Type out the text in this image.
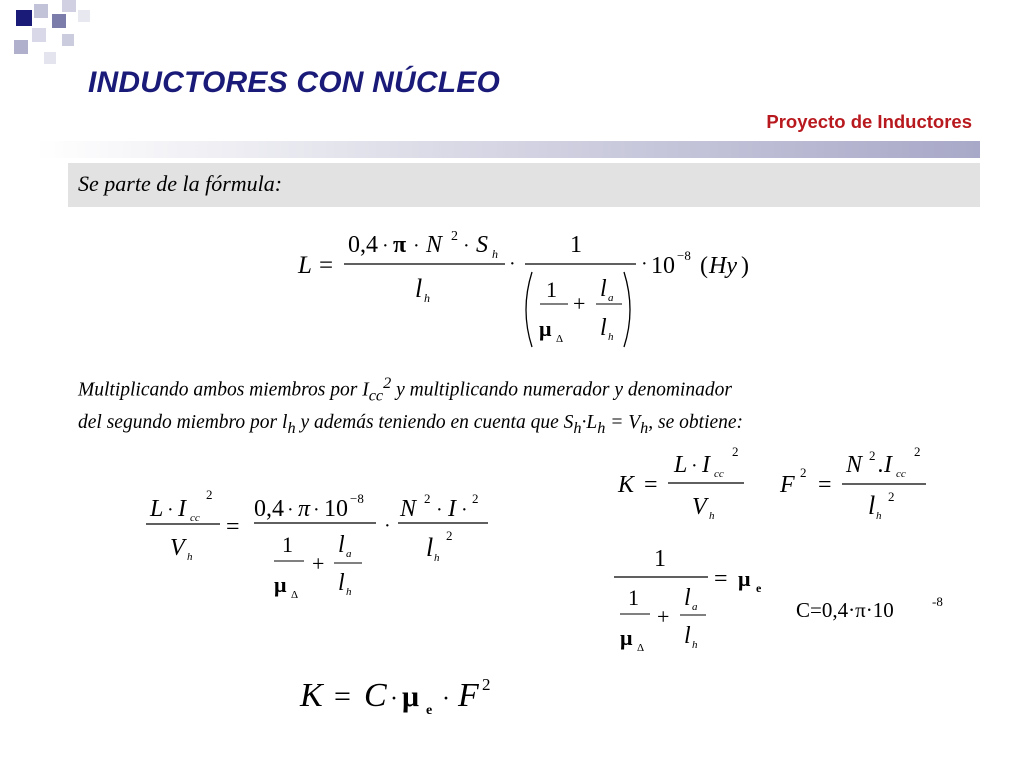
INDUCTORES CON NÚCLEO
Proyecto de Inductores
Se parte de la fórmula:
L =
0,4 · π · N 2 · S h
l h
·
1
1
μ Δ
+
l a
l h
· 10 −8 ( Hy )

Multiplicando ambos miembros por $I_{cc}^2$ y multiplicando numerador y denominador

del segundo miembro por $l_h$ y además teniendo en cuenta que $S_h\cdot L_h = V_h$, se obtiene:

L · I cc
2
V h
=
0,4 · π · 10 −8
1
μ Δ
+
l a
l h
·
N 2
· I ·
2
l h
2
K =
L · I cc
2
V h
F 2 =
N 2 .I cc
2
l h
2
1
1
μ Δ
+
l a
l h
= μ e
K = C · μ e · F 2
C=0,4·π·10	-8
